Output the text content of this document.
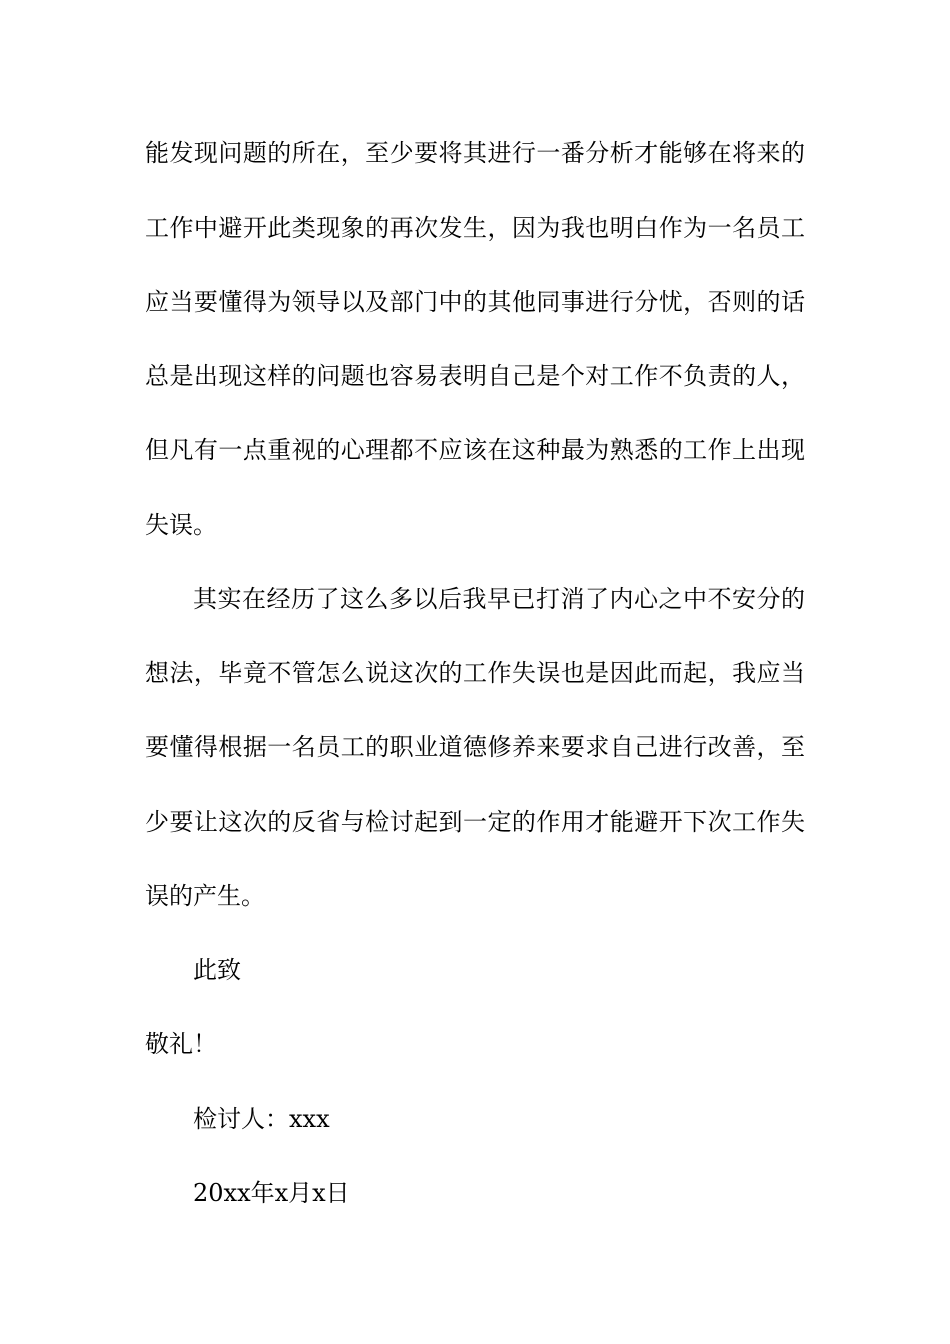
能发现问题的所在，至少要将其进行一番分析才能够在将来的
工作中避开此类现象的再次发生，因为我也明白作为一名员工
应当要懂得为领导以及部门中的其他同事进行分忧，否则的话
总是出现这样的问题也容易表明自己是个对工作不负责的人，
但凡有一点重视的心理都不应该在这种最为熟悉的工作上出现
失误。
其实在经历了这么多以后我早已打消了内心之中不安分的
想法，毕竟不管怎么说这次的工作失误也是因此而起，我应当
要懂得根据一名员工的职业道德修养来要求自己进行改善，至
少要让这次的反省与检讨起到一定的作用才能避开下次工作失
误的产生。
此致
敬礼！
检讨人：xxx
20xx年x月x日
